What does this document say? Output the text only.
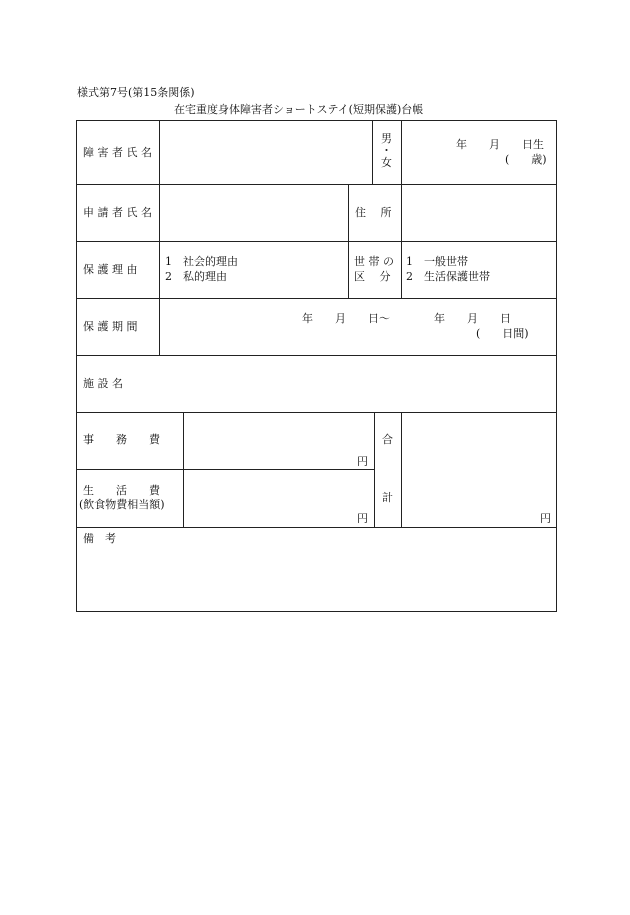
様式第7号(第15条関係)
在宅重度身体障害者ショートステイ(短期保護)台帳
障 害 者 氏 名
男
・
女
年　　月　　日生
(　　歳)
申 請 者 氏 名	住　 所
保 護 理 由
1　社会的理由
2　私的理由
世 帯 の
区　 分
1　一般世帯
2　生活保護世帯
保 護 期 間
年　　月　　日～　　　　年　　月　　日
(　　日間)
施 設 名
事　　務　　費
円
生　　活　　費
(飲食物費相当額)
円
合
計
円
備　考
